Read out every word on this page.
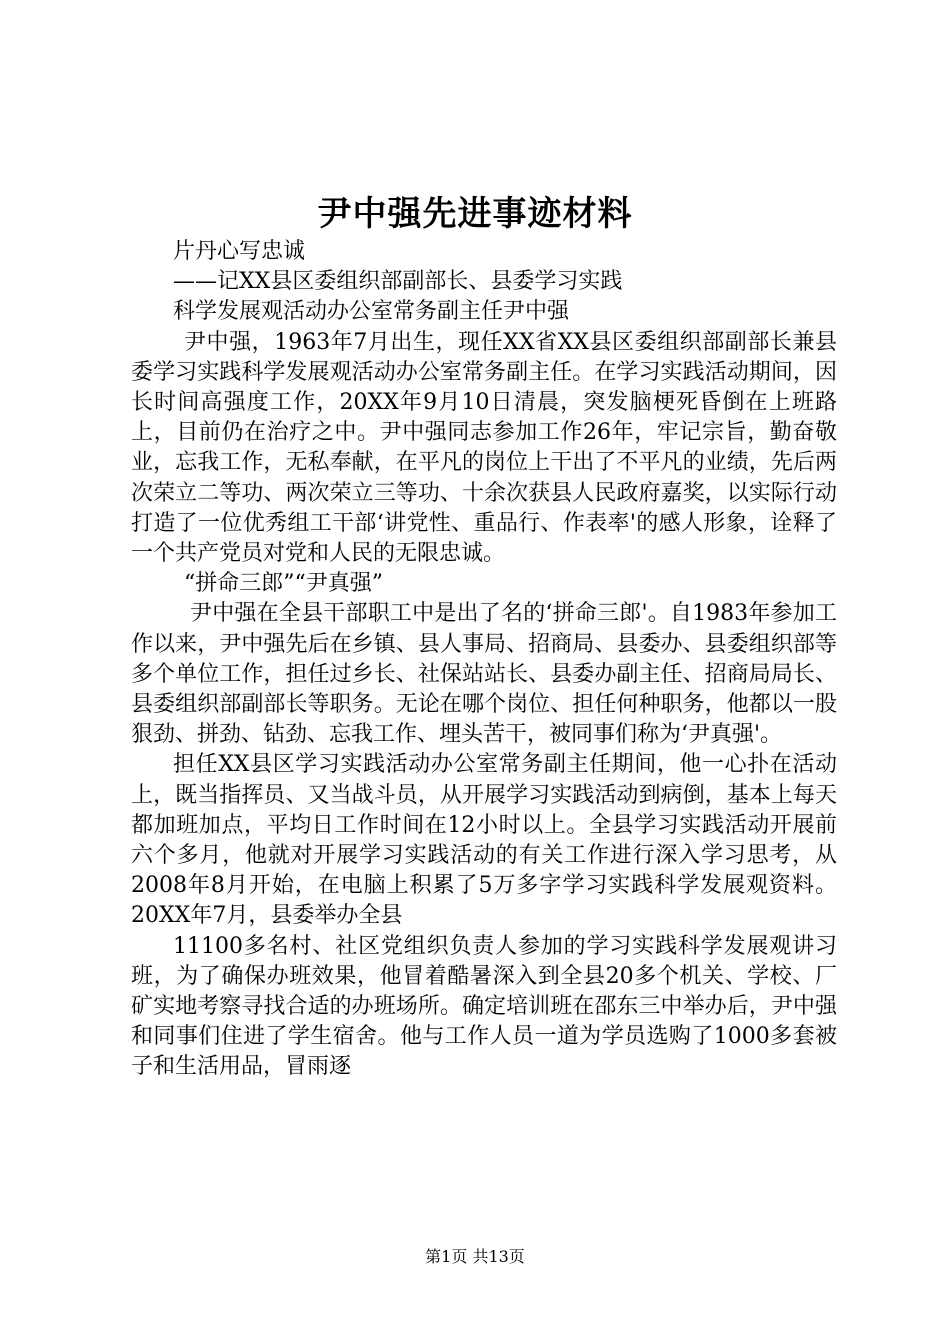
尹中强先进事迹材料

片丹心写忠诚

——记XX县区委组织部副部长、县委学习实践

科学发展观活动办公室常务副主任尹中强

尹中强，1963年7月出生，现任XX省XX县区委组织部副部长兼县委学习实践科学发展观活动办公室常务副主任。在学习实践活动期间，因长时间高强度工作，20XX年9月10日清晨，突发脑梗死昏倒在上班路上，目前仍在治疗之中。尹中强同志参加工作26年，牢记宗旨，勤奋敬业，忘我工作，无私奉献，在平凡的岗位上干出了不平凡的业绩，先后两次荣立二等功、两次荣立三等功、十余次获县人民政府嘉奖，以实际行动打造了一位优秀组工干部‘讲党性、重品行、作表率'的感人形象，诠释了一个共产党员对党和人民的无限忠诚。

“拼命三郎”“尹真强”

尹中强在全县干部职工中是出了名的‘拼命三郎'。自1983年参加工作以来，尹中强先后在乡镇、县人事局、招商局、县委办、县委组织部等多个单位工作，担任过乡长、社保站站长、县委办副主任、招商局局长、县委组织部副部长等职务。无论在哪个岗位、担任何种职务，他都以一股狠劲、拼劲、钻劲、忘我工作、埋头苦干，被同事们称为‘尹真强'。

担任XX县区学习实践活动办公室常务副主任期间，他一心扑在活动上，既当指挥员、又当战斗员，从开展学习实践活动到病倒，基本上每天都加班加点，平均日工作时间在12小时以上。全县学习实践活动开展前六个多月，他就对开展学习实践活动的有关工作进行深入学习思考，从2008年8月开始，在电脑上积累了5万多字学习实践科学发展观资料。20XX年7月，县委举办全县

11100多名村、社区党组织负责人参加的学习实践科学发展观讲习班，为了确保办班效果，他冒着酷暑深入到全县20多个机关、学校、厂矿实地考察寻找合适的办班场所。确定培训班在邵东三中举办后，尹中强和同事们住进了学生宿舍。他与工作人员一道为学员选购了1000多套被子和生活用品，冒雨逐

第1页 共13页
